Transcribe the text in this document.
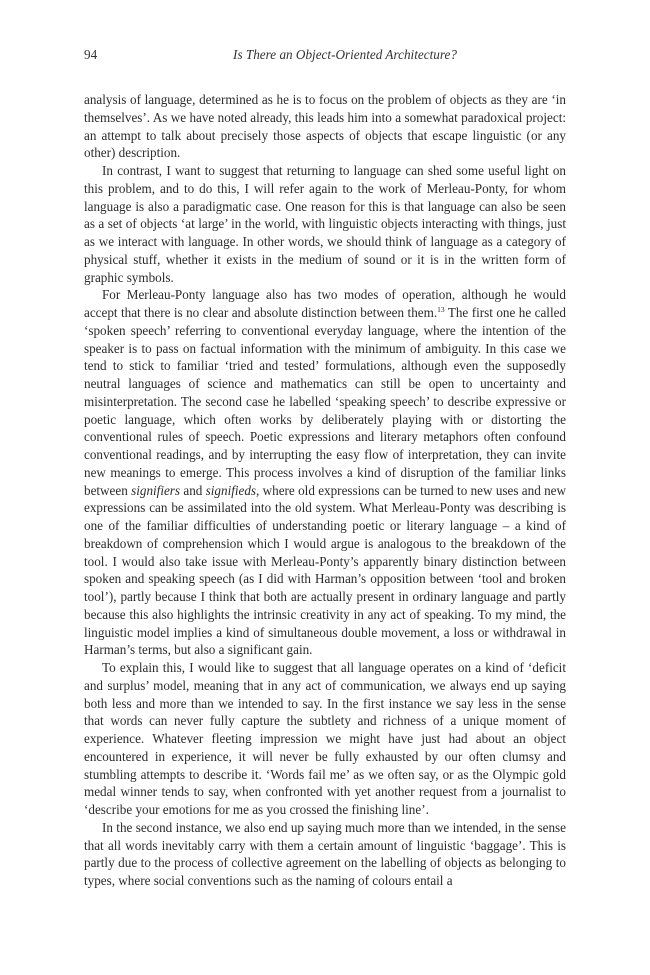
94	Is There an Object-Oriented Architecture?

analysis of language, determined as he is to focus on the problem of objects as they are ‘in themselves’. As we have noted already, this leads him into a somewhat paradoxical project: an attempt to talk about precisely those aspects of objects that escape linguistic (or any other) description.

In contrast, I want to suggest that returning to language can shed some useful light on this problem, and to do this, I will refer again to the work of Merleau-Ponty, for whom language is also a paradigmatic case. One reason for this is that language can also be seen as a set of objects ‘at large’ in the world, with linguistic objects interacting with things, just as we interact with language. In other words, we should think of language as a category of physical stuff, whether it exists in the medium of sound or it is in the written form of graphic symbols.

For Merleau-Ponty language also has two modes of operation, although he would accept that there is no clear and absolute distinction between them.$^{13}$ The first one he called ‘spoken speech’ referring to conventional everyday language, where the intention of the speaker is to pass on factual information with the minimum of ambiguity. In this case we tend to stick to familiar ‘tried and tested’ formulations, although even the supposedly neutral languages of science and mathematics can still be open to uncertainty and misinterpretation. The second case he labelled ‘speaking speech’ to describe expressive or poetic language, which often works by deliberately playing with or distorting the conventional rules of speech. Poetic expressions and literary metaphors often confound conventional readings, and by interrupting the easy flow of interpretation, they can invite new meanings to emerge. This process involves a kind of disruption of the familiar links between signifiers and signifieds, where old expressions can be turned to new uses and new expressions can be assimilated into the old system. What Merleau-Ponty was describing is one of the familiar difficulties of understanding poetic or literary language – a kind of breakdown of comprehension which I would argue is analogous to the breakdown of the tool. I would also take issue with Merleau-Ponty’s apparently binary distinction between spoken and speaking speech (as I did with Harman’s opposition between ‘tool and broken tool’), partly because I think that both are actually present in ordinary language and partly because this also highlights the intrinsic creativity in any act of speaking. To my mind, the linguistic model implies a kind of simultaneous double movement, a loss or withdrawal in Harman’s terms, but also a significant gain.

To explain this, I would like to suggest that all language operates on a kind of ‘deficit and surplus’ model, meaning that in any act of communication, we always end up saying both less and more than we intended to say. In the first instance we say less in the sense that words can never fully capture the subtlety and richness of a unique moment of experience. Whatever fleeting impression we might have just had about an object encountered in experience, it will never be fully exhausted by our often clumsy and stumbling attempts to describe it. ‘Words fail me’ as we often say, or as the Olympic gold medal winner tends to say, when confronted with yet another request from a journalist to ‘describe your emotions for me as you crossed the finishing line’.

In the second instance, we also end up saying much more than we intended, in the sense that all words inevitably carry with them a certain amount of linguistic ‘baggage’. This is partly due to the process of collective agreement on the labelling of objects as belonging to types, where social conventions such as the naming of colours entail a
